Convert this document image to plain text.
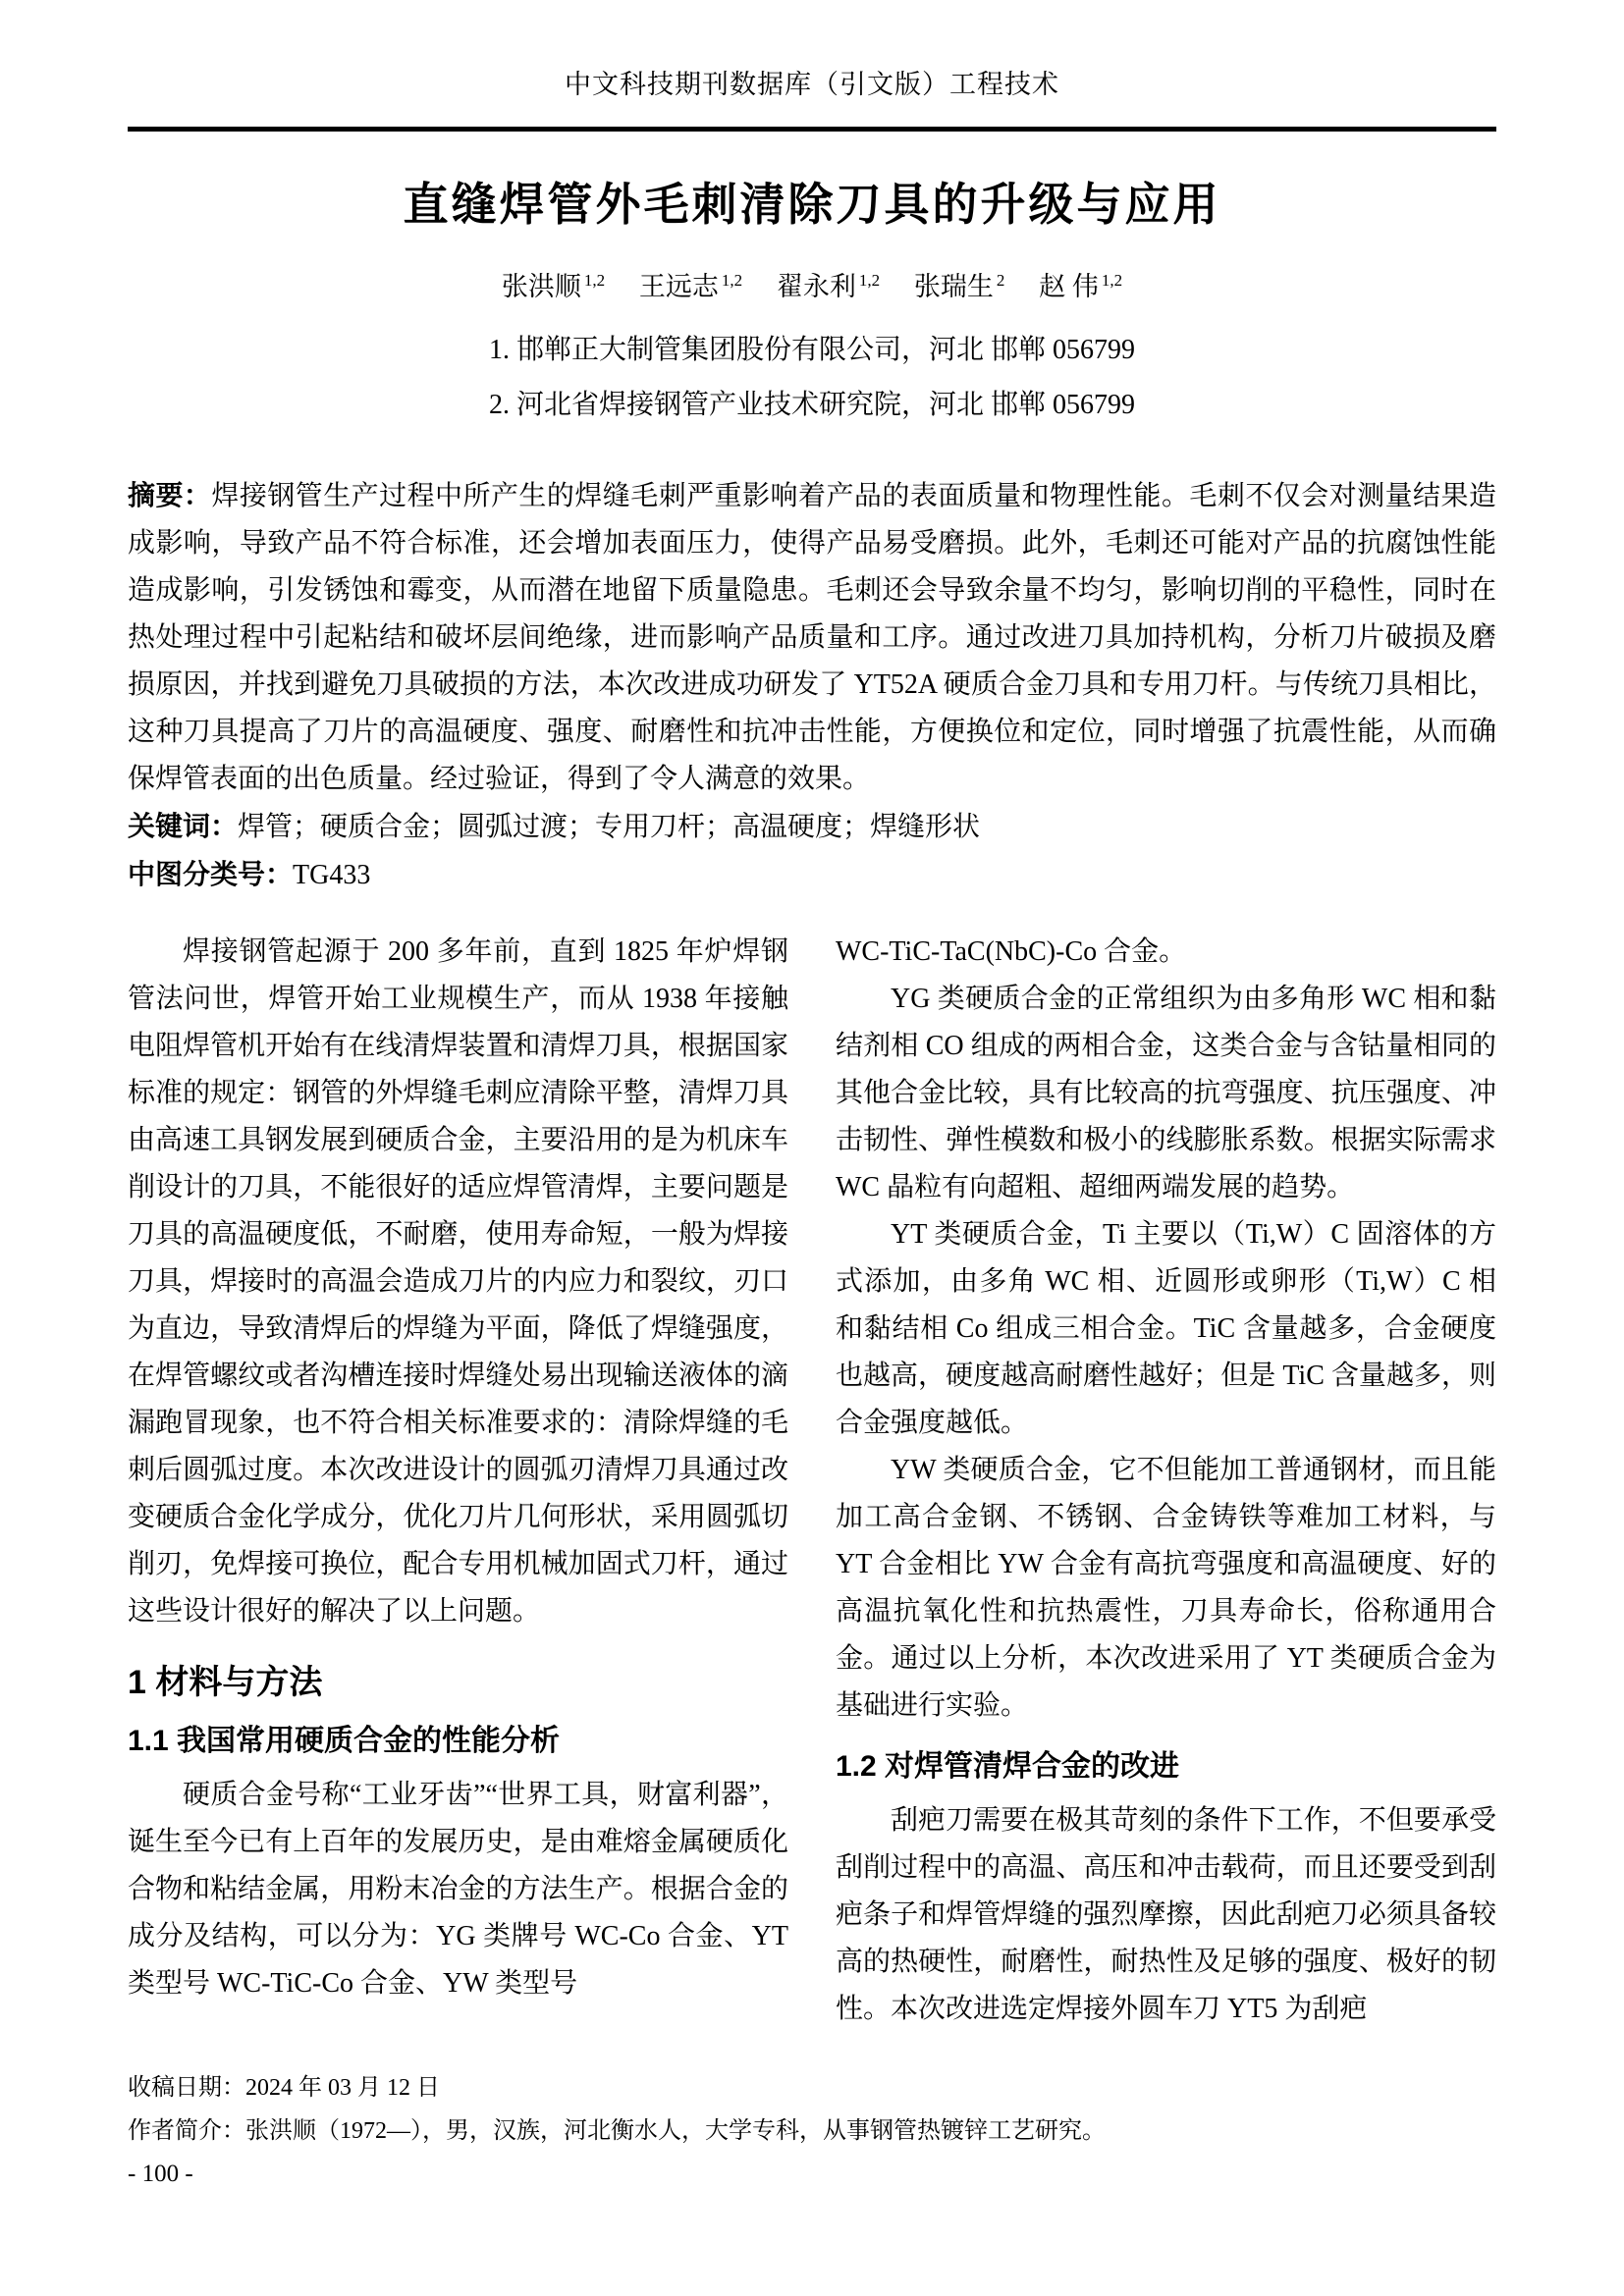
中文科技期刊数据库（引文版）工程技术
直缝焊管外毛刺清除刀具的升级与应用
张洪顺 $^{1,2}$ 王远志 $^{1,2}$ 翟永利 $^{1,2}$ 张瑞生 $^2$ 赵 伟 $^{1,2}$
1. 邯郸正大制管集团股份有限公司，河北 邯郸 056799
2. 河北省焊接钢管产业技术研究院，河北 邯郸 056799

摘要：焊接钢管生产过程中所产生的焊缝毛刺严重影响着产品的表面质量和物理性能。毛刺不仅会对测量结果造成影响，导致产品不符合标准，还会增加表面压力，使得产品易受磨损。此外，毛刺还可能对产品的抗腐蚀性能造成影响，引发锈蚀和霉变，从而潜在地留下质量隐患。毛刺还会导致余量不均匀，影响切削的平稳性，同时在热处理过程中引起粘结和破坏层间绝缘，进而影响产品质量和工序。通过改进刀具加持机构，分析刀片破损及磨损原因，并找到避免刀具破损的方法，本次改进成功研发了 YT52A 硬质合金刀具和专用刀杆。与传统刀具相比，这种刀具提高了刀片的高温硬度、强度、耐磨性和抗冲击性能，方便换位和定位，同时增强了抗震性能，从而确保焊管表面的出色质量。经过验证，得到了令人满意的效果。

关键词：焊管；硬质合金；圆弧过渡；专用刀杆；高温硬度；焊缝形状

中图分类号：TG433

焊接钢管起源于 200 多年前，直到 1825 年炉焊钢管法问世，焊管开始工业规模生产，而从 1938 年接触电阻焊管机开始有在线清焊装置和清焊刀具，根据国家标准的规定：钢管的外焊缝毛刺应清除平整，清焊刀具由高速工具钢发展到硬质合金，主要沿用的是为机床车削设计的刀具，不能很好的适应焊管清焊，主要问题是刀具的高温硬度低，不耐磨，使用寿命短，一般为焊接刀具，焊接时的高温会造成刀片的内应力和裂纹，刃口为直边，导致清焊后的焊缝为平面，降低了焊缝强度，在焊管螺纹或者沟槽连接时焊缝处易出现输送液体的滴漏跑冒现象，也不符合相关标准要求的：清除焊缝的毛刺后圆弧过度。本次改进设计的圆弧刃清焊刀具通过改变硬质合金化学成分，优化刀片几何形状，采用圆弧切削刃，免焊接可换位，配合专用机械加固式刀杆，通过这些设计很好的解决了以上问题。

1 材料与方法
1.1 我国常用硬质合金的性能分析

硬质合金号称“工业牙齿”“世界工具，财富利器”，诞生至今已有上百年的发展历史，是由难熔金属硬质化合物和粘结金属，用粉末冶金的方法生产。根据合金的成分及结构，可以分为：YG 类牌号 WC-Co 合金、YT 类型号 WC-TiC-Co 合金、YW 类型号

WC-TiC-TaC(NbC)-Co 合金。

YG 类硬质合金的正常组织为由多角形 WC 相和黏结剂相 CO 组成的两相合金，这类合金与含钴量相同的其他合金比较，具有比较高的抗弯强度、抗压强度、冲击韧性、弹性模数和极小的线膨胀系数。根据实际需求 WC 晶粒有向超粗、超细两端发展的趋势。

YT 类硬质合金，Ti 主要以（Ti,W）C 固溶体的方式添加，由多角 WC 相、近圆形或卵形（Ti,W）C 相和黏结相 Co 组成三相合金。TiC 含量越多，合金硬度也越高，硬度越高耐磨性越好；但是 TiC 含量越多，则合金强度越低。

YW 类硬质合金，它不但能加工普通钢材，而且能加工高合金钢、不锈钢、合金铸铁等难加工材料，与 YT 合金相比 YW 合金有高抗弯强度和高温硬度、好的高温抗氧化性和抗热震性，刀具寿命长，俗称通用合金。通过以上分析，本次改进采用了 YT 类硬质合金为基础进行实验。

1.2 对焊管清焊合金的改进

刮疤刀需要在极其苛刻的条件下工作，不但要承受刮削过程中的高温、高压和冲击载荷，而且还要受到刮疤条子和焊管焊缝的强烈摩擦，因此刮疤刀必须具备较高的热硬性，耐磨性，耐热性及足够的强度、极好的韧性。本次改进选定焊接外圆车刀 YT5 为刮疤

收稿日期：2024 年 03 月 12 日
作者简介：张洪顺（1972—），男，汉族，河北衡水人，大学专科，从事钢管热镀锌工艺研究。
- 100 -
